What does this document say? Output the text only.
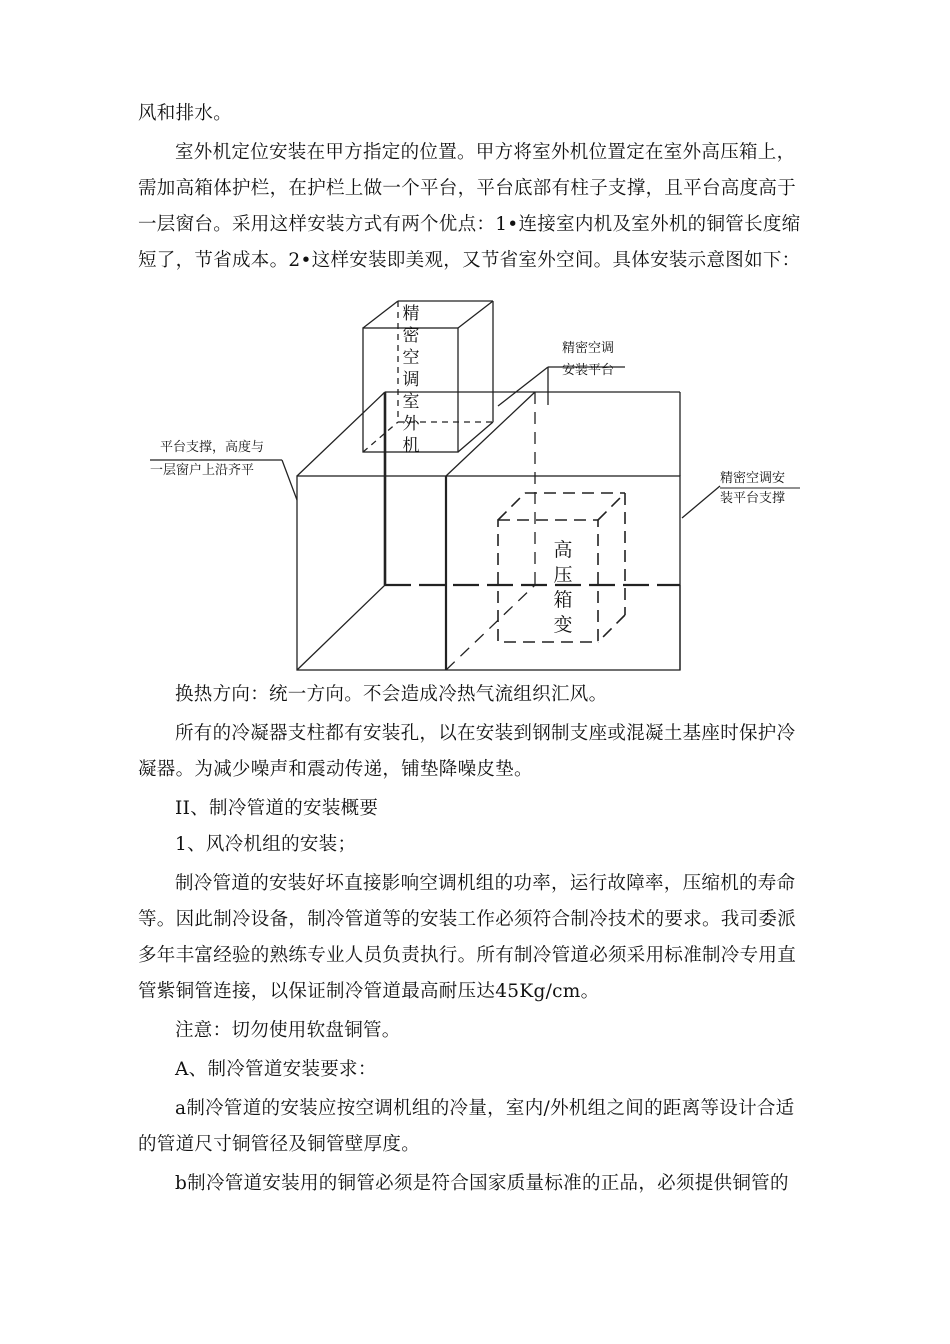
风和排水。
室外机定位安装在甲方指定的位置。甲方将室外机位置定在室外高压箱上，
需加高箱体护栏，在护栏上做一个平台，平台底部有柱子支撑，且平台高度高于
一层窗台。采用这样安装方式有两个优点：1•连接室内机及室外机的铜管长度缩
短了，节省成本。2•这样安装即美观，又节省室外空间。具体安装示意图如下：
精
密
空
调
室
外
机
高
压
箱
变
精密空调
安装平台
平台支撑，高度与
一层窗户上沿齐平
精密空调安
装平台支撑
换热方向：统一方向。不会造成冷热气流组织汇风。
所有的冷凝器支柱都有安装孔，以在安装到钢制支座或混凝土基座时保护冷
凝器。为减少噪声和震动传递，铺垫降噪皮垫。
II、制冷管道的安装概要
1、风冷机组的安装；
制冷管道的安装好坏直接影响空调机组的功率，运行故障率，压缩机的寿命
等。因此制冷设备，制冷管道等的安装工作必须符合制冷技术的要求。我司委派
多年丰富经验的熟练专业人员负责执行。所有制冷管道必须采用标准制冷专用直
管紫铜管连接，以保证制冷管道最高耐压达45Kg/cm。
注意：切勿使用软盘铜管。
A、制冷管道安装要求：
a制冷管道的安装应按空调机组的冷量，室内/外机组之间的距离等设计合适
的管道尺寸铜管径及铜管壁厚度。
b制冷管道安装用的铜管必须是符合国家质量标准的正品，必须提供铜管的
